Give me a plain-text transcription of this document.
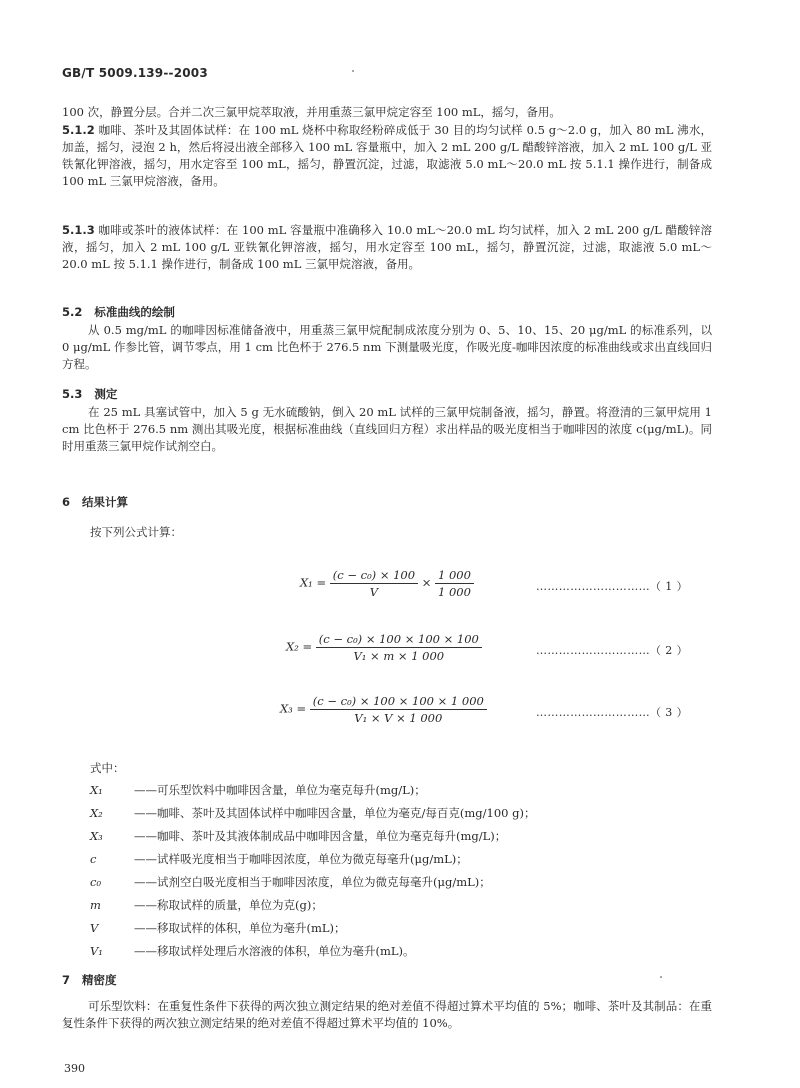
GB/T 5009.139--2003
100 次，静置分层。合并二次三氯甲烷萃取液，并用重蒸三氯甲烷定容至 100 mL，摇匀，备用。
5.1.2 咖啡、茶叶及其固体试样：在 100 mL 烧杯中称取经粉碎成低于 30 目的均匀试样 0.5 g～2.0 g，加入 80 mL 沸水，加盖，摇匀，浸泡 2 h，然后将浸出液全部移入 100 mL 容量瓶中，加入 2 mL 200 g/L 醋酸锌溶液，加入 2 mL 100 g/L 亚铁氰化钾溶液，摇匀，用水定容至 100 mL，摇匀，静置沉淀，过滤，取滤液 5.0 mL～20.0 mL 按 5.1.1 操作进行，制备成 100 mL 三氯甲烷溶液，备用。
5.1.3 咖啡或茶叶的液体试样：在 100 mL 容量瓶中准确移入 10.0 mL～20.0 mL 均匀试样，加入 2 mL 200 g/L 醋酸锌溶液，摇匀，加入 2 mL 100 g/L 亚铁氰化钾溶液，摇匀，用水定容至 100 mL，摇匀，静置沉淀，过滤，取滤液 5.0 mL～20.0 mL 按 5.1.1 操作进行，制备成 100 mL 三氯甲烷溶液，备用。
5.2 标准曲线的绘制
从 0.5 mg/mL 的咖啡因标准储备液中，用重蒸三氯甲烷配制成浓度分别为 0、5、10、15、20 μg/mL 的标准系列，以 0 μg/mL 作参比管，调节零点，用 1 cm 比色杯于 276.5 nm 下测量吸光度，作吸光度-咖啡因浓度的标准曲线或求出直线回归方程。
5.3 测定
在 25 mL 具塞试管中，加入 5 g 无水硫酸钠，倒入 20 mL 试样的三氯甲烷制备液，摇匀，静置。将澄清的三氯甲烷用 1 cm 比色杯于 276.5 nm 测出其吸光度，根据标准曲线（直线回归方程）求出样品的吸光度相当于咖啡因的浓度 c(μg/mL)。同时用重蒸三氯甲烷作试剂空白。
6 结果计算
按下列公式计算：
$X_1 = \frac{\text{(c − c₀) × 100}}{V} \times \frac{1 000}{1 000}$	…………………………（ 1 ）
$X_2 = \frac{\text{(c − c₀) × 100 × 100 × 100}}{\text{V₁ × m × 1 000}}$	…………………………（ 2 ）
$X_3 = \frac{\text{(c − c₀) × 100 × 100 × 1 000}}{\text{V₁ × V × 1 000}}$	…………………………（ 3 ）
式中：
X₁	——可乐型饮料中咖啡因含量，单位为毫克每升(mg/L)；
X₂	——咖啡、茶叶及其固体试样中咖啡因含量，单位为毫克/每百克(mg/100 g)；
X₃	——咖啡、茶叶及其液体制成品中咖啡因含量，单位为毫克每升(mg/L)；
c	——试样吸光度相当于咖啡因浓度，单位为微克每毫升(μg/mL)；
c₀	——试剂空白吸光度相当于咖啡因浓度，单位为微克每毫升(μg/mL)；
m	——称取试样的质量，单位为克(g)；
V	——移取试样的体积，单位为毫升(mL)；
V₁	——移取试样处理后水溶液的体积，单位为毫升(mL)。
7 精密度
可乐型饮料：在重复性条件下获得的两次独立测定结果的绝对差值不得超过算术平均值的 5%；咖啡、茶叶及其制品：在重复性条件下获得的两次独立测定结果的绝对差值不得超过算术平均值的 10%。
390
